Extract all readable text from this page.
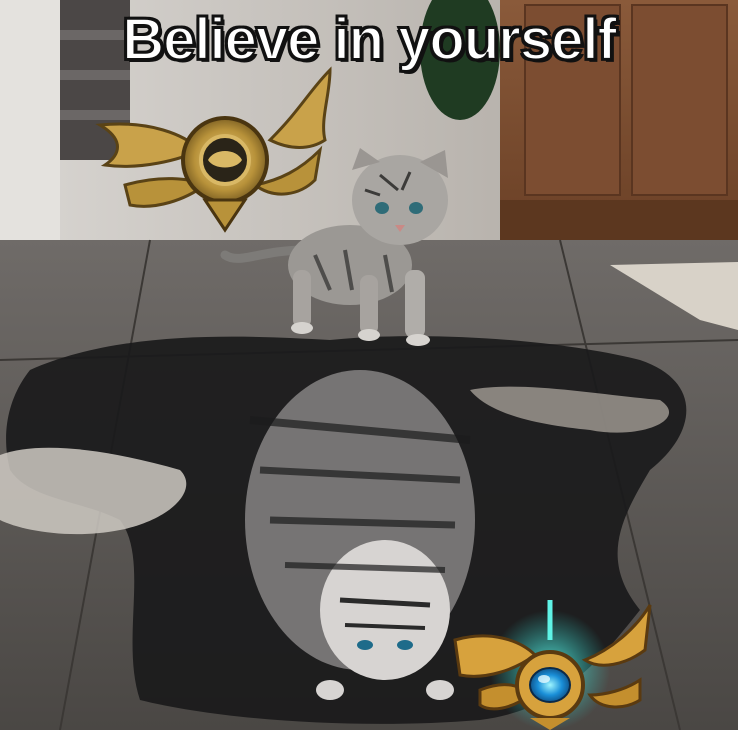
Believe in yourself
